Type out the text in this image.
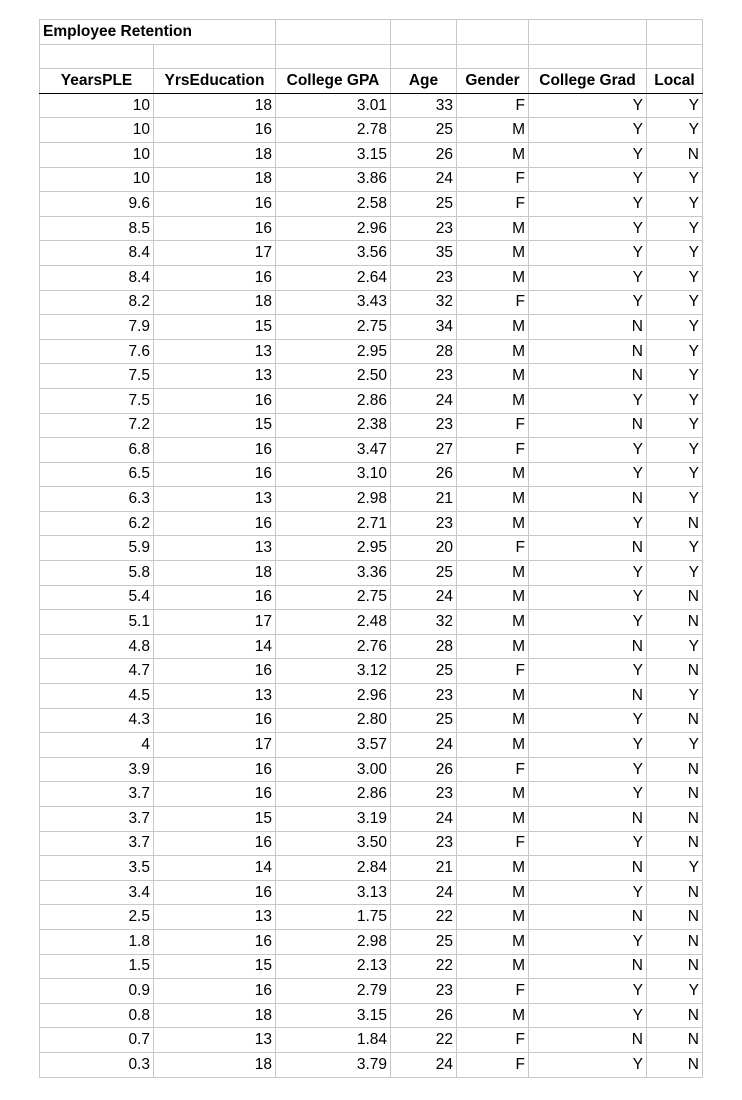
Employee Retention						

YearsPLE	YrsEducation	College GPA	Age	Gender	College Grad	Local
10	18	3.01	33	F	Y	Y
10	16	2.78	25	M	Y	Y
10	18	3.15	26	M	Y	N
10	18	3.86	24	F	Y	Y
9.6	16	2.58	25	F	Y	Y
8.5	16	2.96	23	M	Y	Y
8.4	17	3.56	35	M	Y	Y
8.4	16	2.64	23	M	Y	Y
8.2	18	3.43	32	F	Y	Y
7.9	15	2.75	34	M	N	Y
7.6	13	2.95	28	M	N	Y
7.5	13	2.50	23	M	N	Y
7.5	16	2.86	24	M	Y	Y
7.2	15	2.38	23	F	N	Y
6.8	16	3.47	27	F	Y	Y
6.5	16	3.10	26	M	Y	Y
6.3	13	2.98	21	M	N	Y
6.2	16	2.71	23	M	Y	N
5.9	13	2.95	20	F	N	Y
5.8	18	3.36	25	M	Y	Y
5.4	16	2.75	24	M	Y	N
5.1	17	2.48	32	M	Y	N
4.8	14	2.76	28	M	N	Y
4.7	16	3.12	25	F	Y	N
4.5	13	2.96	23	M	N	Y
4.3	16	2.80	25	M	Y	N
4	17	3.57	24	M	Y	Y
3.9	16	3.00	26	F	Y	N
3.7	16	2.86	23	M	Y	N
3.7	15	3.19	24	M	N	N
3.7	16	3.50	23	F	Y	N
3.5	14	2.84	21	M	N	Y
3.4	16	3.13	24	M	Y	N
2.5	13	1.75	22	M	N	N
1.8	16	2.98	25	M	Y	N
1.5	15	2.13	22	M	N	N
0.9	16	2.79	23	F	Y	Y
0.8	18	3.15	26	M	Y	N
0.7	13	1.84	22	F	N	N
0.3	18	3.79	24	F	Y	N
